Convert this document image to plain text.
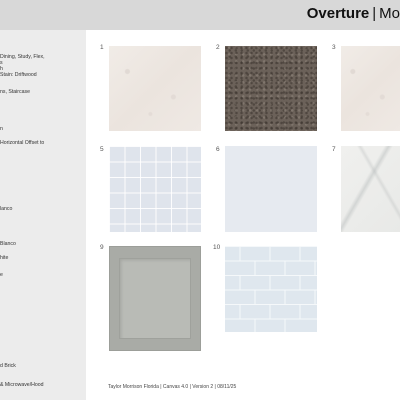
Overture | Mo
Dining, Study, Flex,
s
h
Stain: Driftwood
ns, Staircase
n
Horizontal Offset to
lanco
Blanco
hite
e
d Brick
& Microwave/Hood
1	2	3
5	6	7
9	10
Taylor Morrison Florida | Canvas 4.0 | Version 2 | 08/11/25
